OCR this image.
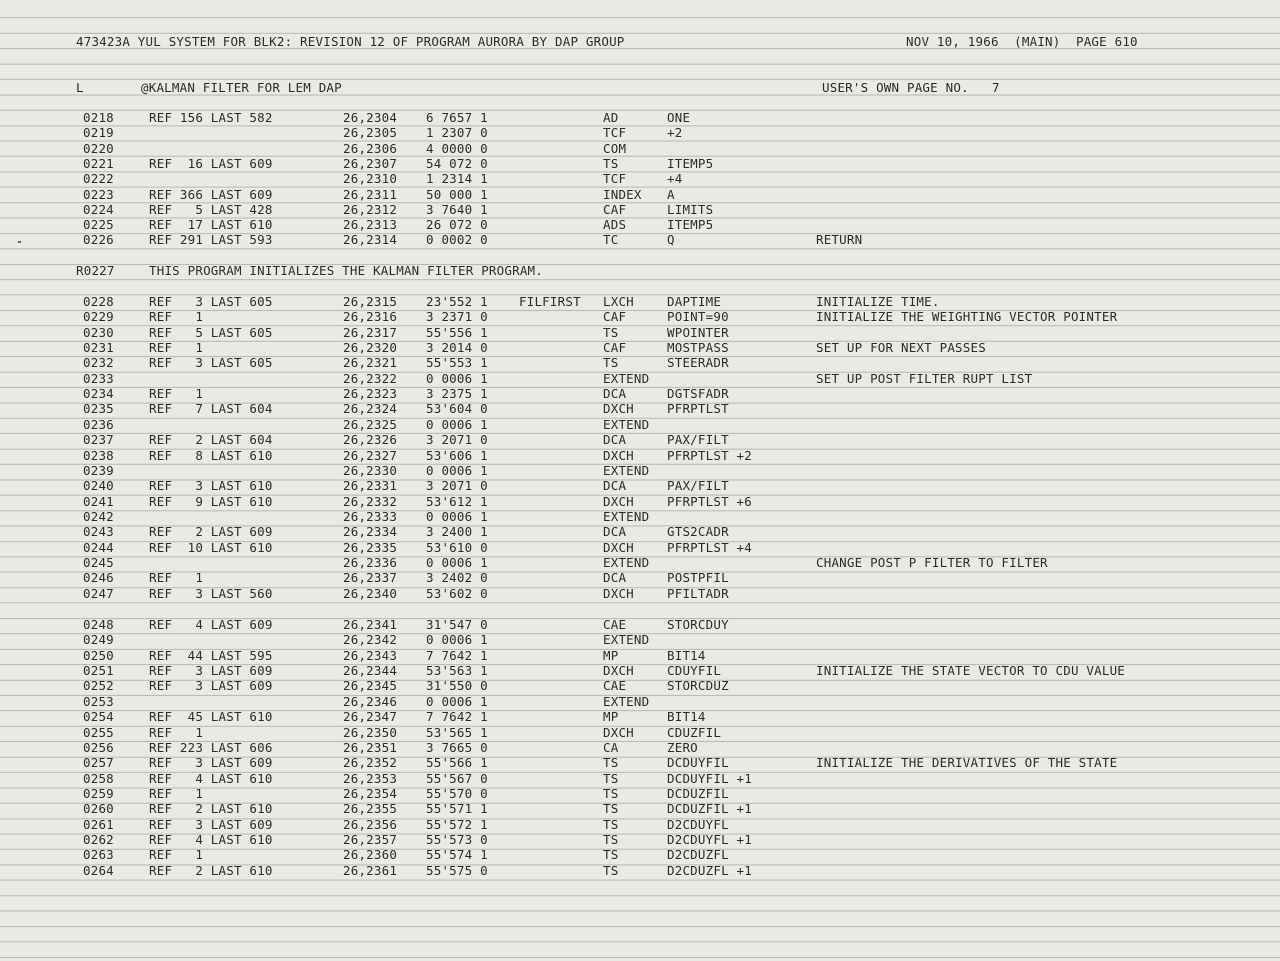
473423A YUL SYSTEM FOR BLK2: REVISION 12 OF PROGRAM AURORA BY DAP GROUP

	NOV 10, 1966  (MAIN)  PAGE 610

L

	@KALMAN FILTER FOR LEM DAP

	USER'S OWN PAGE NO.   7

0218	REF 156 LAST 582	26,2304 6 7657 1	AD	ONE
0219	26,2305 1 2307 0	TCF	+2
0220	26,2306 4 0000 0	COM
0221	REF  16 LAST 609	26,2307 54 072 0	TS	ITEMP5
0222	26,2310 1 2314 1	TCF	+4
0223	REF 366 LAST 609	26,2311 50 000 1	INDEX A
0224	REF   5 LAST 428	26,2312 3 7640 1	CAF	LIMITS
0225	REF  17 LAST 610	26,2313 26 072 0	ADS	ITEMP5
0226	REF 291 LAST 593	26,2314 0 0002 0	TC	Q	RETURN
0228	REF   3 LAST 605	26,2315 23'552 1 FILFIRST LXCH	DAPTIME	INITIALIZE TIME.
0229	REF   1	26,2316 3 2371 0	CAF	POINT=90	INITIALIZE THE WEIGHTING VECTOR POINTER
0230	REF   5 LAST 605	26,2317 55'556 1	TS	WPOINTER
0231	REF   1	26,2320 3 2014 0	CAF	MOSTPASS	SET UP FOR NEXT PASSES
0232	REF   3 LAST 605	26,2321 55'553 1	TS	STEERADR
0233	26,2322 0 0006 1	EXTEND	SET UP POST FILTER RUPT LIST
0234	REF   1	26,2323 3 2375 1	DCA	DGTSFADR
0235	REF   7 LAST 604	26,2324 53'604 0	DXCH	PFRPTLST
0236	26,2325 0 0006 1	EXTEND
0237	REF   2 LAST 604	26,2326 3 2071 0	DCA	PAX/FILT
0238	REF   8 LAST 610	26,2327 53'606 1	DXCH	PFRPTLST +2
0239	26,2330 0 0006 1	EXTEND
0240	REF   3 LAST 610	26,2331 3 2071 0	DCA	PAX/FILT
0241	REF   9 LAST 610	26,2332 53'612 1	DXCH	PFRPTLST +6
0242	26,2333 0 0006 1	EXTEND
0243	REF   2 LAST 609	26,2334 3 2400 1	DCA	GTS2CADR
0244	REF  10 LAST 610	26,2335 53'610 0	DXCH	PFRPTLST +4
0245	26,2336 0 0006 1	EXTEND	CHANGE POST P FILTER TO FILTER
0246	REF   1	26,2337 3 2402 0	DCA	POSTPFIL
0247	REF   3 LAST 560	26,2340 53'602 0	DXCH	PFILTADR
0248	REF   4 LAST 609	26,2341 31'547 0	CAE	STORCDUY
0249	26,2342 0 0006 1	EXTEND
0250	REF  44 LAST 595	26,2343 7 7642 1	MP	BIT14
0251	REF   3 LAST 609	26,2344 53'563 1	DXCH	CDUYFIL	INITIALIZE THE STATE VECTOR TO CDU VALUE
0252	REF   3 LAST 609	26,2345 31'550 0	CAE	STORCDUZ
0253	26,2346 0 0006 1	EXTEND
0254	REF  45 LAST 610	26,2347 7 7642 1	MP	BIT14
0255	REF   1	26,2350 53'565 1	DXCH	CDUZFIL
0256	REF 223 LAST 606	26,2351 3 7665 0	CA	ZERO
0257	REF   3 LAST 609	26,2352 55'566 1	TS	DCDUYFIL	INITIALIZE THE DERIVATIVES OF THE STATE
0258	REF   4 LAST 610	26,2353 55'567 0	TS	DCDUYFIL +1
0259	REF   1	26,2354 55'570 0	TS	DCDUZFIL
0260	REF   2 LAST 610	26,2355 55'571 1	TS	DCDUZFIL +1
0261	REF   3 LAST 609	26,2356 55'572 1	TS	D2CDUYFL
0262	REF   4 LAST 610	26,2357 55'573 0	TS	D2CDUYFL +1
0263	REF   1	26,2360 55'574 1	TS	D2CDUZFL
0264	REF   2 LAST 610	26,2361 55'575 0	TS	D2CDUZFL +1

R0227

	THIS PROGRAM INITIALIZES THE KALMAN FILTER PROGRAM.
